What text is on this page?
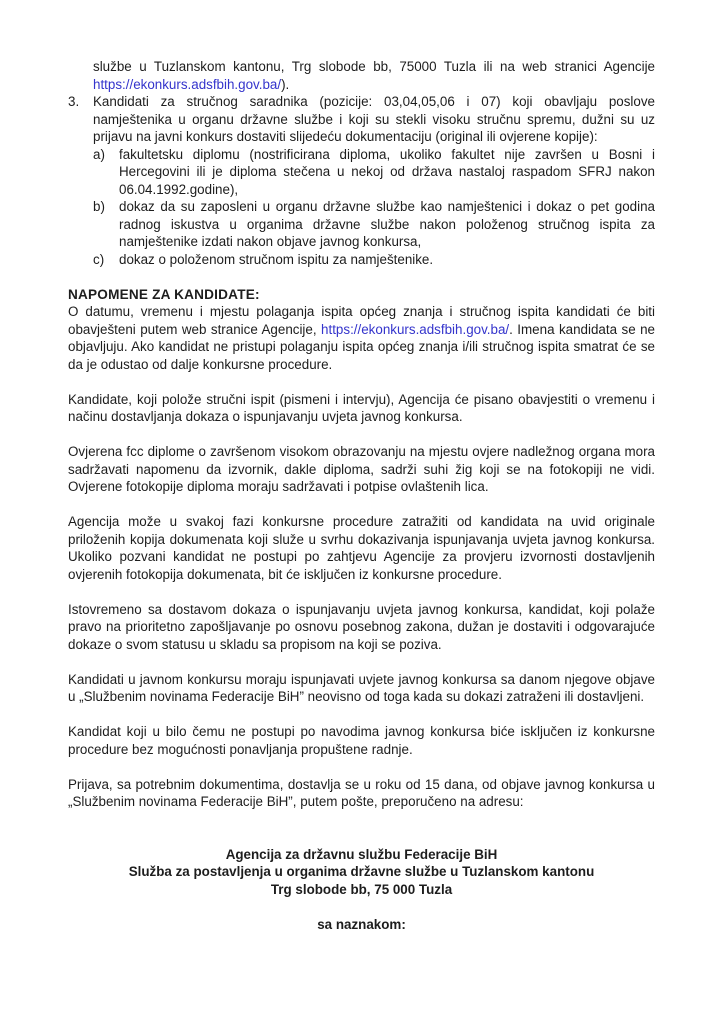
službe u Tuzlanskom kantonu, Trg slobode bb, 75000 Tuzla ili na web stranici Agencije https://ekonkurs.adsfbih.gov.ba/).
3. Kandidati za stručnog saradnika (pozicije: 03,04,05,06 i 07) koji obavljaju poslove namještenika u organu državne službe i koji su stekli visoku stručnu spremu, dužni su uz prijavu na javni konkurs dostaviti slijedeću dokumentaciju (original ili ovjerene kopije):
a) fakultetsku diplomu (nostrificirana diploma, ukoliko fakultet nije završen u Bosni i Hercegovini ili je diploma stečena u nekoj od država nastaloj raspadom SFRJ nakon 06.04.1992.godine),
b) dokaz da su zaposleni u organu državne službe kao namještenici i dokaz o pet godina radnog iskustva u organima državne službe nakon položenog stručnog ispita za namještenike izdati nakon objave javnog konkursa,
c) dokaz o položenom stručnom ispitu za namještenike.
NAPOMENE ZA KANDIDATE:

O datumu, vremenu i mjestu polaganja ispita općeg znanja i stručnog ispita kandidati će biti obavješteni putem web stranice Agencije, https://ekonkurs.adsfbih.gov.ba/. Imena kandidata se ne objavljuju. Ako kandidat ne pristupi polaganju ispita općeg znanja i/ili stručnog ispita smatrat će se da je odustao od dalje konkursne procedure.

Kandidate, koji polože stručni ispit (pismeni i intervju), Agencija će pisano obavjestiti o vremenu i načinu dostavljanja dokaza o ispunjavanju uvjeta javnog konkursa.

Ovjerena fcc diplome o završenom visokom obrazovanju na mjestu ovjere nadležnog organa mora sadržavati napomenu da izvornik, dakle diploma, sadrži suhi žig koji se na fotokopiji ne vidi. Ovjerene fotokopije diploma moraju sadržavati i potpise ovlaštenih lica.

Agencija može u svakoj fazi konkursne procedure zatražiti od kandidata na uvid originale priloženih kopija dokumenata koji služe u svrhu dokazivanja ispunjavanja uvjeta javnog konkursa. Ukoliko pozvani kandidat ne postupi po zahtjevu Agencije za provjeru izvornosti dostavljenih ovjerenih fotokopija dokumenata, bit će isključen iz konkursne procedure.

Istovremeno sa dostavom dokaza o ispunjavanju uvjeta javnog konkursa, kandidat, koji polaže pravo na prioritetno zapošljavanje po osnovu posebnog zakona, dužan je dostaviti i odgovarajuće dokaze o svom statusu u skladu sa propisom na koji se poziva.

Kandidati u javnom konkursu moraju ispunjavati uvjete javnog konkursa sa danom njegove objave u „Službenim novinama Federacije BiH” neovisno od toga kada su dokazi zatraženi ili dostavljeni.

Kandidat koji u bilo čemu ne postupi po navodima javnog konkursa biće isključen iz konkursne procedure bez mogućnosti ponavljanja propuštene radnje.

Prijava, sa potrebnim dokumentima, dostavlja se u roku od 15 dana, od objave javnog konkursa u „Službenim novinama Federacije BiH”, putem pošte, preporučeno na adresu:

Agencija za državnu službu Federacije BiH
Služba za postavljenja u organima državne službe u Tuzlanskom kantonu
Trg slobode bb, 75 000 Tuzla
sa naznakom:
